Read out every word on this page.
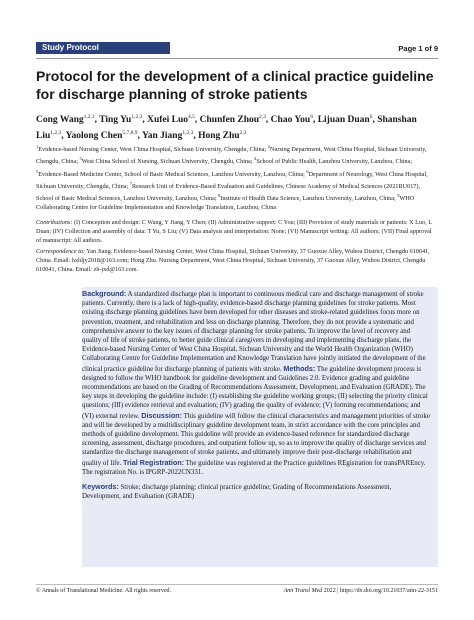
Study Protocol	Page 1 of 9
Protocol for the development of a clinical practice guideline for discharge planning of stroke patients
Cong Wang$^{1,2,3}$, Ting Yu$^{1,2,3}$, Xufei Luo$^{4,5}$, Chunfen Zhou$^{2,3}$, Chao You$^6$, Lijuan Duan$^6$, Shanshan Liu$^{1,2,3}$, Yaolong Chen$^{5,7,8,9}$, Yan Jiang$^{1,2,3}$, Hong Zhu$^{2,3}$
$^1$Evidence-based Nursing Center, West China Hospital, Sichuan University, Chengdu, China; $^2$Nursing Department, West China Hospital, Sichuan University, Chengdu, China; $^3$West China School of Nursing, Sichuan University, Chengdu, China; $^4$School of Public Health, Lanzhou University, Lanzhou, China; $^5$Evidence-Based Medicine Center, School of Basic Medical Sciences, Lanzhou University, Lanzhou, China; $^6$Department of Neurology, West China Hospital, Sichuan University, Chengdu, China; $^7$Research Unit of Evidence-Based Evaluation and Guidelines, Chinese Academy of Medical Sciences (2021RU017), School of Basic Medical Sciences, Lanzhou University, Lanzhou, China; $^8$Institute of Health Data Science, Lanzhou University, Lanzhou, China; $^9$WHO Collaborating Centre for Guideline Implementation and Knowledge Translation, Lanzhou, China
Contributions: (I) Conception and design: C Wang, Y Jiang, Y Chen; (II) Administrative support: C You; (III) Provision of study materials or patients: X Luo, L Duan; (IV) Collection and assembly of data: T Yu, S Liu; (V) Data analysis and interpretation: None; (VI) Manuscript writing: All authors; (VII) Final approval of manuscript: All authors.
Correspondence to: Yan Jiang. Evidence-based Nursing Center, West China Hospital, Sichuan University, 37 Guoxue Alley, Wuhou District, Chengdu 610041, China. Email: hxhljy2018@163.com; Hong Zhu. Nursing Department, West China Hospital, Sichuan University, 37 Guoxue Alley, Wuhou District, Chengdu 610041, China. Email: zh-jxd@163.com.

Background: A standardized discharge plan is important to continuous medical care and discharge management of stroke patients. Currently, there is a lack of high-quality, evidence-based discharge planning guidelines for stroke patients. Most existing discharge planning guidelines have been developed for other diseases and stroke-related guidelines focus more on prevention, treatment, and rehabilitation and less on discharge planning. Therefore, they do not provide a systematic and comprehensive answer to the key issues of discharge planning for stroke patients. To improve the level of recovery and quality of life of stroke patients, to better guide clinical caregivers in developing and implementing discharge plans, the Evidence-based Nursing Center of West China Hospital, Sichuan University and the World Health Organization (WHO) Collaborating Centre for Guideline Implementation and Knowledge Translation have jointly initiated the development of the clinical practice guideline for discharge planning of patients with stroke. Methods: The guideline development process is designed to follow the WHO handbook for guideline development and Guidelines 2.0. Evidence grading and guideline recommendations are based on the Grading of Recommendations Assessment, Development, and Evaluation (GRADE). The key steps in developing the guideline include: (I) establishing the guideline working groups; (II) selecting the priority clinical questions; (III) evidence retrieval and evaluation; (IV) grading the quality of evidence; (V) forming recommendations; and (VI) external review. Discussion: This guideline will follow the clinical characteristics and management priorities of stroke and will be developed by a multidisciplinary guideline development team, in strict accordance with the core principles and methods of guideline development. This guideline will provide an evidence-based reference for standardized discharge screening, assessment, discharge procedures, and outpatient follow up, so as to improve the quality of discharge services and standardize the discharge management of stroke patients, and ultimately improve their post-discharge rehabilitation and quality of life. Trial Registration: The guideline was registered at the Practice guidelines REgistration for transPAREncy. The registration No. is IPGRP-2022CN331.

Keywords: Stroke; discharge planning; clinical practice guideline; Grading of Recommendations Assessment, Development, and Evaluation (GRADE)

© Annals of Translational Medicine. All rights reserved.	Ann Transl Med 2022 | https://dx.doi.org/10.21037/atm-22-3151
